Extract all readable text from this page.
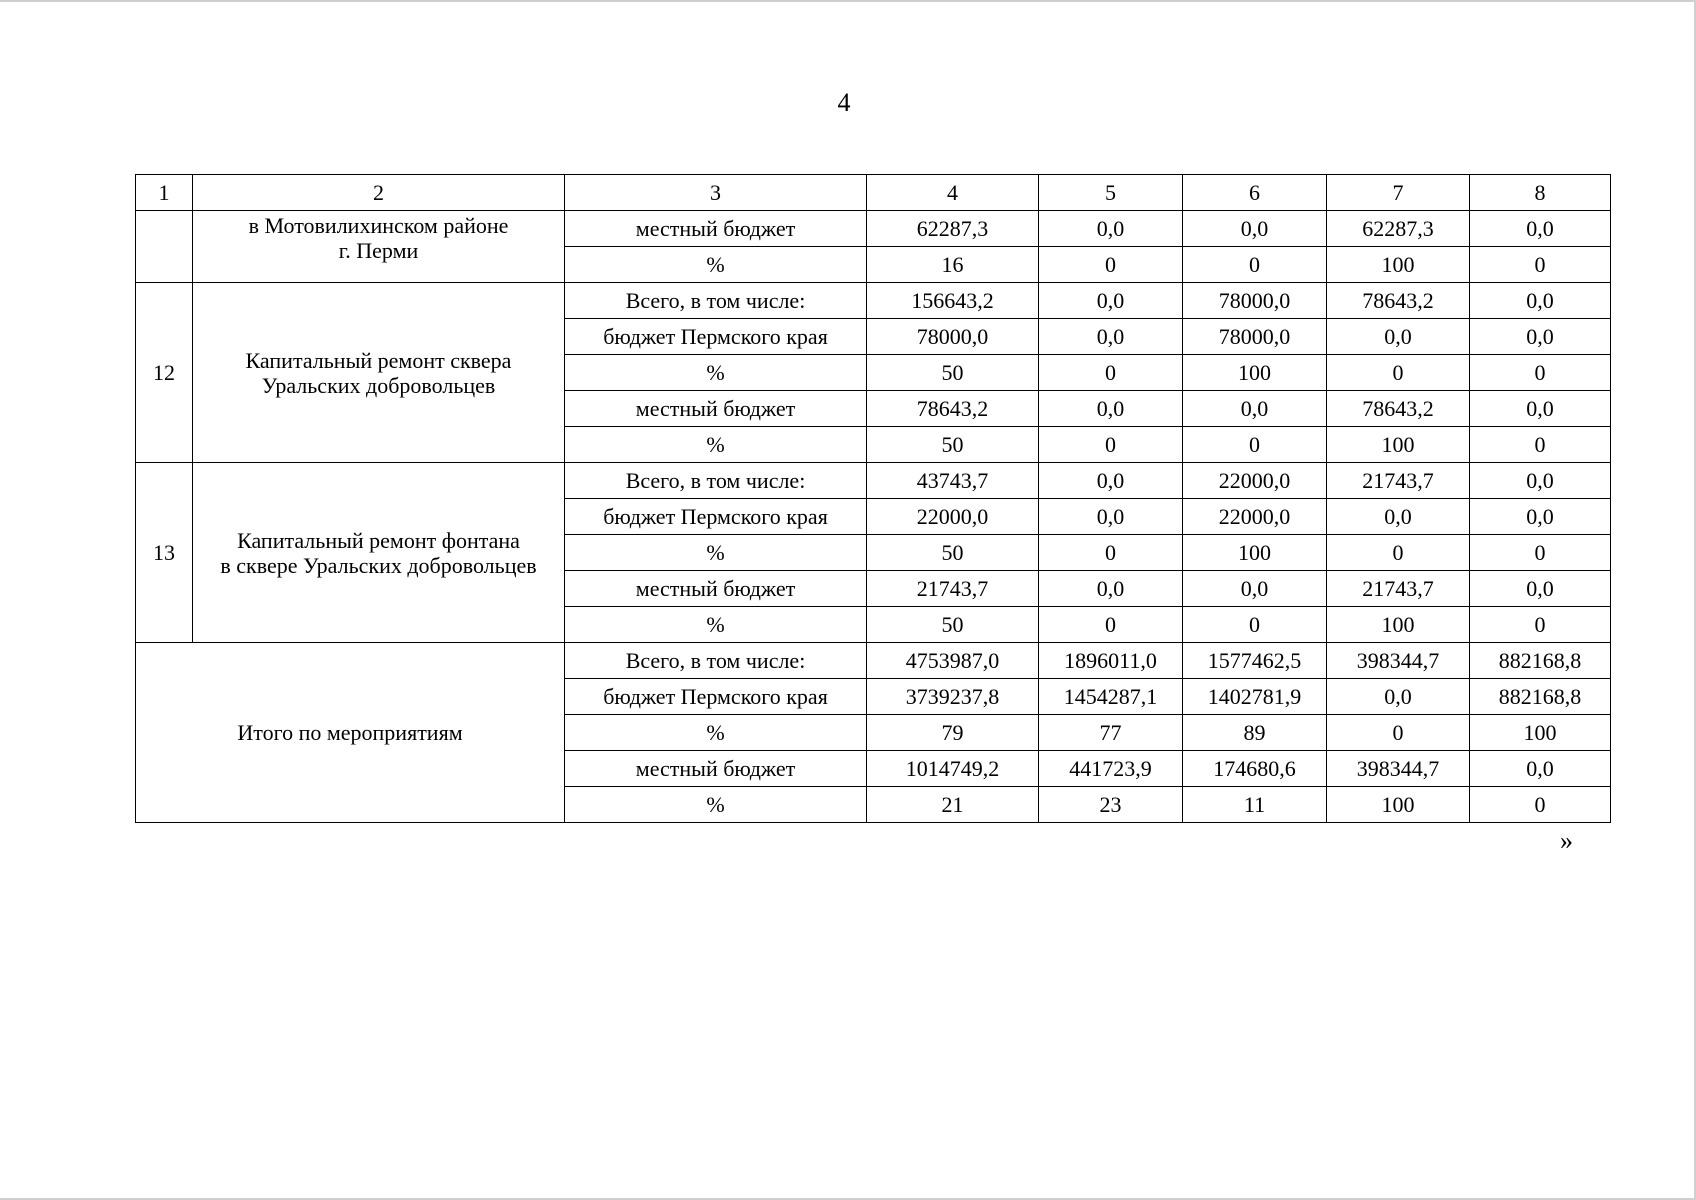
4
1	2	3	4	5	6	7	8

	в Мотовилихинском районе
г. Перми	местный бюджет	62287,3	0,0	0,0	62287,3	0,0
		%	16	0	0	100	0
12	Капитальный ремонт сквера
Уральских добровольцев	Всего, в том числе:	156643,2	0,0	78000,0	78643,2	0,0
		бюджет Пермского края	78000,0	0,0	78000,0	0,0	0,0
		%	50	0	100	0	0
		местный бюджет	78643,2	0,0	0,0	78643,2	0,0
		%	50	0	0	100	0
13	Капитальный ремонт фонтана
в сквере Уральских добровольцев	Всего, в том числе:	43743,7	0,0	22000,0	21743,7	0,0
		бюджет Пермского края	22000,0	0,0	22000,0	0,0	0,0
		%	50	0	100	0	0
		местный бюджет	21743,7	0,0	0,0	21743,7	0,0
		%	50	0	0	100	0
Итого по мероприятиям		Всего, в том числе:	4753987,0	1896011,0	1577462,5	398344,7	882168,8
		бюджет Пермского края	3739237,8	1454287,1	1402781,9	0,0	882168,8
		%	79	77	89	0	100
		местный бюджет	1014749,2	441723,9	174680,6	398344,7	0,0
		%	21	23	11	100	0
»
